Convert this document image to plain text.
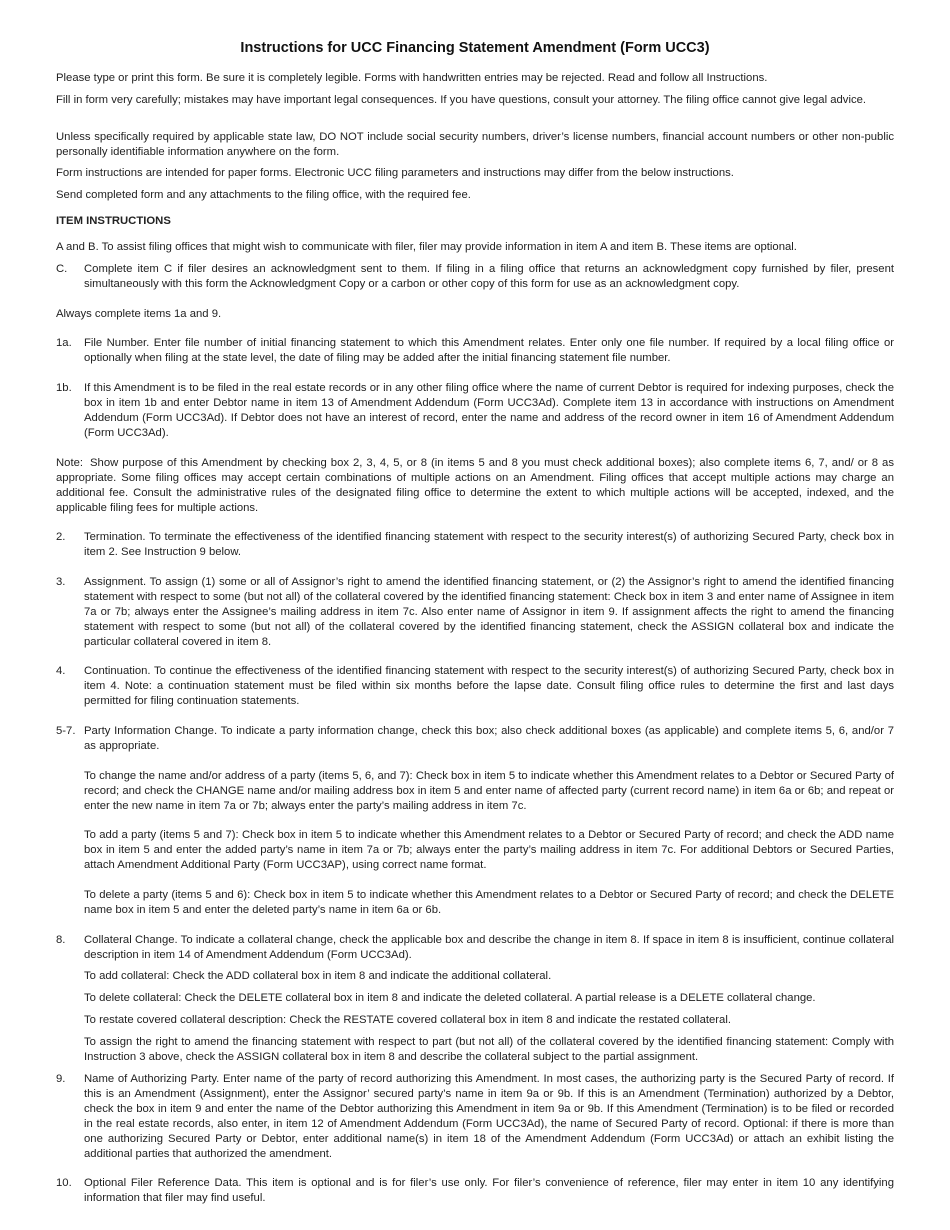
Instructions for UCC Financing Statement Amendment (Form UCC3)

Please type or print this form. Be sure it is completely legible. Forms with handwritten entries may be rejected. Read and follow all Instructions.

Fill in form very carefully; mistakes may have important legal consequences. If you have questions, consult your attorney. The filing office cannot give legal advice.

Unless specifically required by applicable state law, DO NOT include social security numbers, driver’s license numbers, financial account numbers or other non-public personally identifiable information anywhere on the form.

Form instructions are intended for paper forms. Electronic UCC filing parameters and instructions may differ from the below instructions.

Send completed form and any attachments to the filing office, with the required fee.

ITEM INSTRUCTIONS

A and B. To assist filing offices that might wish to communicate with filer, filer may provide information in item A and item B. These items are optional.

C.	Complete item C if filer desires an acknowledgment sent to them. If filing in a filing office that returns an acknowledgment copy furnished by filer, present simultaneously with this form the Acknowledgment Copy or a carbon or other copy of this form for use as an acknowledgment copy.

Always complete items 1a and 9.

1a.	File Number. Enter file number of initial financing statement to which this Amendment relates. Enter only one file number. If required by a local filing office or optionally when filing at the state level, the date of filing may be added after the initial financing statement file number.
1b.	If this Amendment is to be filed in the real estate records or in any other filing office where the name of current Debtor is required for indexing purposes, check the box in item 1b and enter Debtor name in item 13 of Amendment Addendum (Form UCC3Ad). Complete item 13 in accordance with instructions on Amendment Addendum (Form UCC3Ad). If Debtor does not have an interest of record, enter the name and address of the record owner in item 16 of Amendment Addendum (Form UCC3Ad).
Note: Show purpose of this Amendment by checking box 2, 3, 4, 5, or 8 (in items 5 and 8 you must check additional boxes); also complete items 6, 7, and/ or 8 as appropriate. Some filing offices may accept certain combinations of multiple actions on an Amendment. Filing offices that accept multiple actions may charge an additional fee. Consult the administrative rules of the designated filing office to determine the extent to which multiple actions will be accepted, indexed, and the applicable filing fees for multiple actions.
2.	Termination. To terminate the effectiveness of the identified financing statement with respect to the security interest(s) of authorizing Secured Party, check box in item 2. See Instruction 9 below.
3.	Assignment. To assign (1) some or all of Assignor’s right to amend the identified financing statement, or (2) the Assignor’s right to amend the identified financing statement with respect to some (but not all) of the collateral covered by the identified financing statement: Check box in item 3 and enter name of Assignee in item 7a or 7b; always enter the Assignee’s mailing address in item 7c. Also enter name of Assignor in item 9. If assignment affects the right to amend the financing statement with respect to some (but not all) of the collateral covered by the identified financing statement, check the ASSIGN collateral box and indicate the particular collateral covered in item 8.
4.	Continuation. To continue the effectiveness of the identified financing statement with respect to the security interest(s) of authorizing Secured Party, check box in item 4. Note: a continuation statement must be filed within six months before the lapse date. Consult filing office rules to determine the first and last days permitted for filing continuation statements.
5-7. Party Information Change. To indicate a party information change, check this box; also check additional boxes (as applicable) and complete items 5, 6, and/or 7 as appropriate.
To change the name and/or address of a party (items 5, 6, and 7): Check box in item 5 to indicate whether this Amendment relates to a Debtor or Secured Party of record; and check the CHANGE name and/or mailing address box in item 5 and enter name of affected party (current record name) in item 6a or 6b; and repeat or enter the new name in item 7a or 7b; always enter the party’s mailing address in item 7c.
To add a party (items 5 and 7): Check box in item 5 to indicate whether this Amendment relates to a Debtor or Secured Party of record; and check the ADD name box in item 5 and enter the added party’s name in item 7a or 7b; always enter the party’s mailing address in item 7c. For additional Debtors or Secured Parties, attach Amendment Additional Party (Form UCC3AP), using correct name format.
To delete a party (items 5 and 6): Check box in item 5 to indicate whether this Amendment relates to a Debtor or Secured Party of record; and check the DELETE name box in item 5 and enter the deleted party’s name in item 6a or 6b.
8.	Collateral Change. To indicate a collateral change, check the applicable box and describe the change in item 8. If space in item 8 is insufficient, continue collateral description in item 14 of Amendment Addendum (Form UCC3Ad).
To add collateral: Check the ADD collateral box in item 8 and indicate the additional collateral.
To delete collateral: Check the DELETE collateral box in item 8 and indicate the deleted collateral. A partial release is a DELETE collateral change.
To restate covered collateral description: Check the RESTATE covered collateral box in item 8 and indicate the restated collateral.
To assign the right to amend the financing statement with respect to part (but not all) of the collateral covered by the identified financing statement: Comply with Instruction 3 above, check the ASSIGN collateral box in item 8 and describe the collateral subject to the partial assignment.
9.	Name of Authorizing Party. Enter name of the party of record authorizing this Amendment. In most cases, the authorizing party is the Secured Party of record. If this is an Amendment (Assignment), enter the Assignor’ secured party’s name in item 9a or 9b. If this is an Amendment (Termination) authorized by a Debtor, check the box in item 9 and enter the name of the Debtor authorizing this Amendment in item 9a or 9b. If this Amendment (Termination) is to be filed or recorded in the real estate records, also enter, in item 12 of Amendment Addendum (Form UCC3Ad), the name of Secured Party of record. Optional: if there is more than one authorizing Secured Party or Debtor, enter additional name(s) in item 18 of the Amendment Addendum (Form UCC3Ad) or attach an exhibit listing the additional parties that authorized the amendment.
10.	Optional Filer Reference Data. This item is optional and is for filer’s use only. For filer’s convenience of reference, filer may enter in item 10 any identifying information that filer may find useful.
